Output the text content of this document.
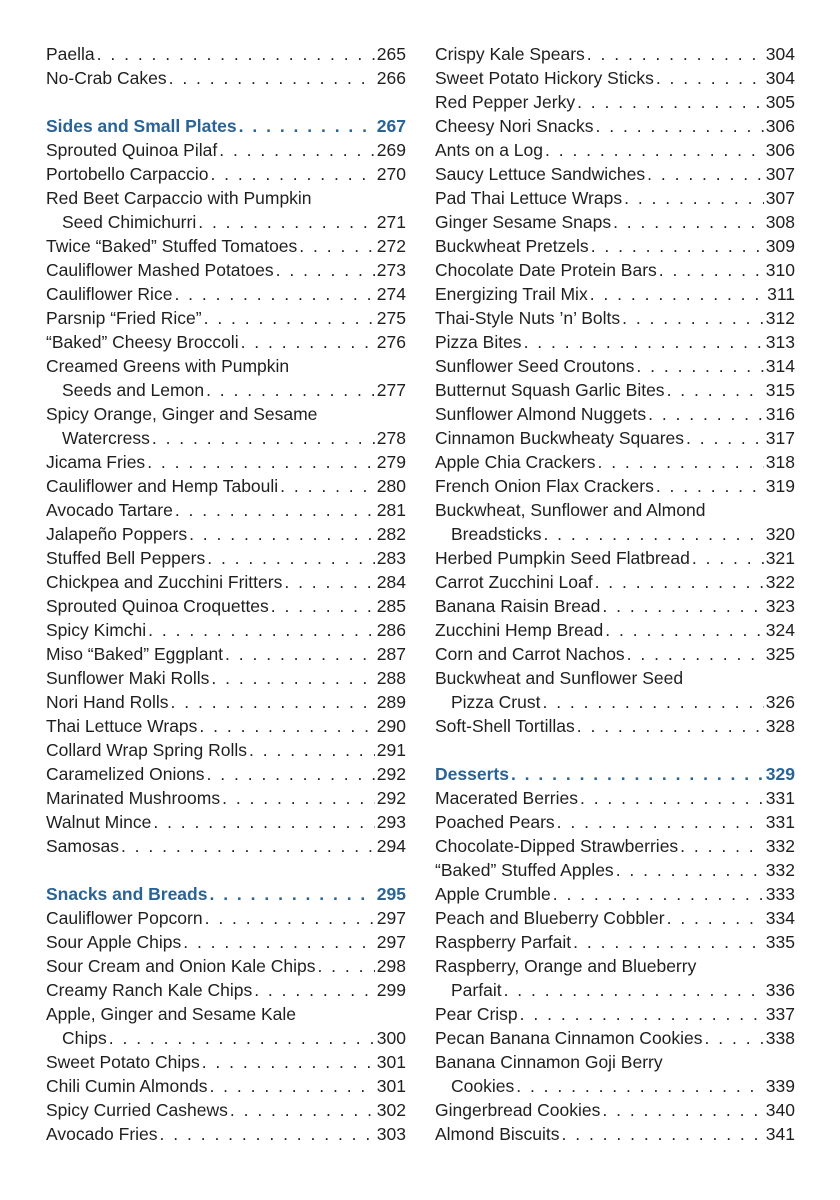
Paella . . .	265
No-Crab Cakes . . .	266
Sides and Small Plates . . .	267
Sprouted Quinoa Pilaf . . .	269
Portobello Carpaccio . . .	270
Red Beet Carpaccio with Pumpkin
Seed Chimichurri . . .	271
Twice “Baked” Stuffed Tomatoes . . .	272
Cauliflower Mashed Potatoes . . .	273
Cauliflower Rice . . .	274
Parsnip “Fried Rice” . . .	275
“Baked” Cheesy Broccoli . . .	276
Creamed Greens with Pumpkin
Seeds and Lemon . . .	277
Spicy Orange, Ginger and Sesame
Watercress . . .	278
Jicama Fries . . .	279
Cauliflower and Hemp Tabouli . . .	280
Avocado Tartare . . .	281
Jalapeño Poppers . . .	282
Stuffed Bell Peppers . . .	283
Chickpea and Zucchini Fritters . . .	284
Sprouted Quinoa Croquettes . . .	285
Spicy Kimchi . . .	286
Miso “Baked” Eggplant . . .	287
Sunflower Maki Rolls . . .	288
Nori Hand Rolls . . .	289
Thai Lettuce Wraps . . .	290
Collard Wrap Spring Rolls . . .	291
Caramelized Onions . . .	292
Marinated Mushrooms . . .	292
Walnut Mince . . .	293
Samosas . . .	294
Snacks and Breads . . .	295
Cauliflower Popcorn . . .	297
Sour Apple Chips . . .	297
Sour Cream and Onion Kale Chips . . .	298
Creamy Ranch Kale Chips . . .	299
Apple, Ginger and Sesame Kale
Chips . . .	300
Sweet Potato Chips . . .	301
Chili Cumin Almonds . . .	301
Spicy Curried Cashews . . .	302
Avocado Fries . . .	303
Crispy Kale Spears . . .	304
Sweet Potato Hickory Sticks . . .	304
Red Pepper Jerky . . .	305
Cheesy Nori Snacks . . .	306
Ants on a Log . . .	306
Saucy Lettuce Sandwiches . . .	307
Pad Thai Lettuce Wraps . . .	307
Ginger Sesame Snaps . . .	308
Buckwheat Pretzels . . .	309
Chocolate Date Protein Bars . . .	310
Energizing Trail Mix . . .	311
Thai-Style Nuts ’n’ Bolts . . .	312
Pizza Bites . . .	313
Sunflower Seed Croutons . . .	314
Butternut Squash Garlic Bites . . .	315
Sunflower Almond Nuggets . . .	316
Cinnamon Buckwheaty Squares . . .	317
Apple Chia Crackers . . .	318
French Onion Flax Crackers . . .	319
Buckwheat, Sunflower and Almond
Breadsticks . . .	320
Herbed Pumpkin Seed Flatbread . . .	321
Carrot Zucchini Loaf . . .	322
Banana Raisin Bread . . .	323
Zucchini Hemp Bread . . .	324
Corn and Carrot Nachos . . .	325
Buckwheat and Sunflower Seed
Pizza Crust . . .	326
Soft-Shell Tortillas . . .	328
Desserts . . .	329
Macerated Berries . . .	331
Poached Pears . . .	331
Chocolate-Dipped Strawberries . . .	332
“Baked” Stuffed Apples . . .	332
Apple Crumble . . .	333
Peach and Blueberry Cobbler . . .	334
Raspberry Parfait . . .	335
Raspberry, Orange and Blueberry
Parfait . . .	336
Pear Crisp . . .	337
Pecan Banana Cinnamon Cookies . . .	338
Banana Cinnamon Goji Berry
Cookies . . .	339
Gingerbread Cookies . . .	340
Almond Biscuits . . .	341
